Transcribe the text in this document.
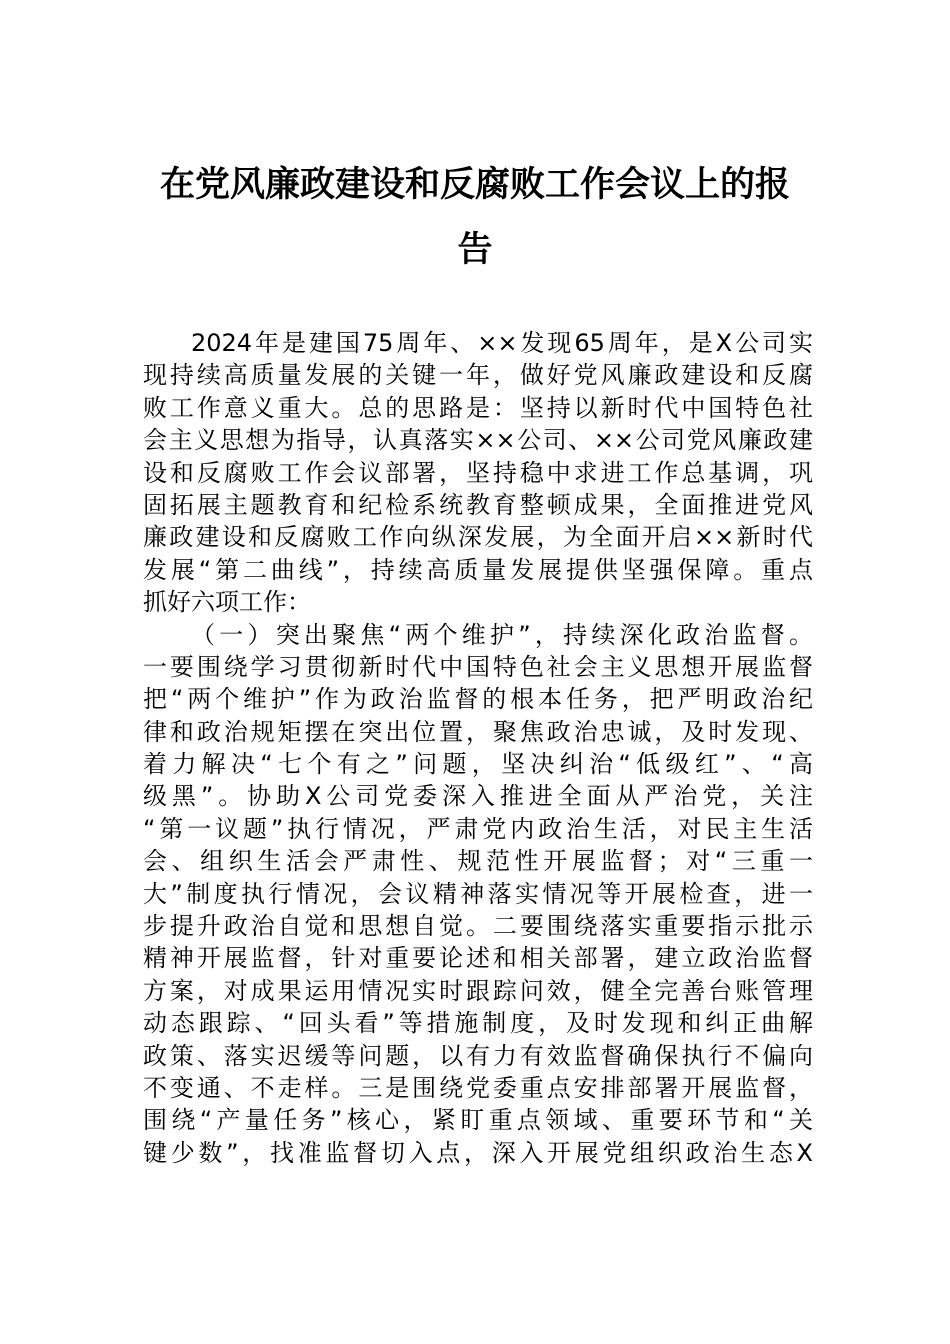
在党风廉政建设和反腐败工作会议上的报
告
2024年是建国75周年、××发现65周年，是X公司实
现持续高质量发展的关键一年，做好党风廉政建设和反腐
败工作意义重大。总的思路是：坚持以新时代中国特色社
会主义思想为指导，认真落实××公司、××公司党风廉政建
设和反腐败工作会议部署，坚持稳中求进工作总基调，巩
固拓展主题教育和纪检系统教育整顿成果，全面推进党风
廉政建设和反腐败工作向纵深发展，为全面开启××新时代
发展“第二曲线”，持续高质量发展提供坚强保障。重点
抓好六项工作：
（一）突出聚焦“两个维护”，持续深化政治监督。
一要围绕学习贯彻新时代中国特色社会主义思想开展监督
把“两个维护”作为政治监督的根本任务，把严明政治纪
律和政治规矩摆在突出位置，聚焦政治忠诚，及时发现、
着力解决“七个有之”问题，坚决纠治“低级红”、“高
级黑”。协助X公司党委深入推进全面从严治党，关注
“第一议题”执行情况，严肃党内政治生活，对民主生活
会、组织生活会严肃性、规范性开展监督；对“三重一
大”制度执行情况，会议精神落实情况等开展检查，进一
步提升政治自觉和思想自觉。二要围绕落实重要指示批示
精神开展监督，针对重要论述和相关部署，建立政治监督
方案，对成果运用情况实时跟踪问效，健全完善台账管理
动态跟踪、“回头看”等措施制度，及时发现和纠正曲解
政策、落实迟缓等问题，以有力有效监督确保执行不偏向
不变通、不走样。三是围绕党委重点安排部署开展监督，
围绕“产量任务”核心，紧盯重点领域、重要环节和“关
键少数”，找准监督切入点，深入开展党组织政治生态X
